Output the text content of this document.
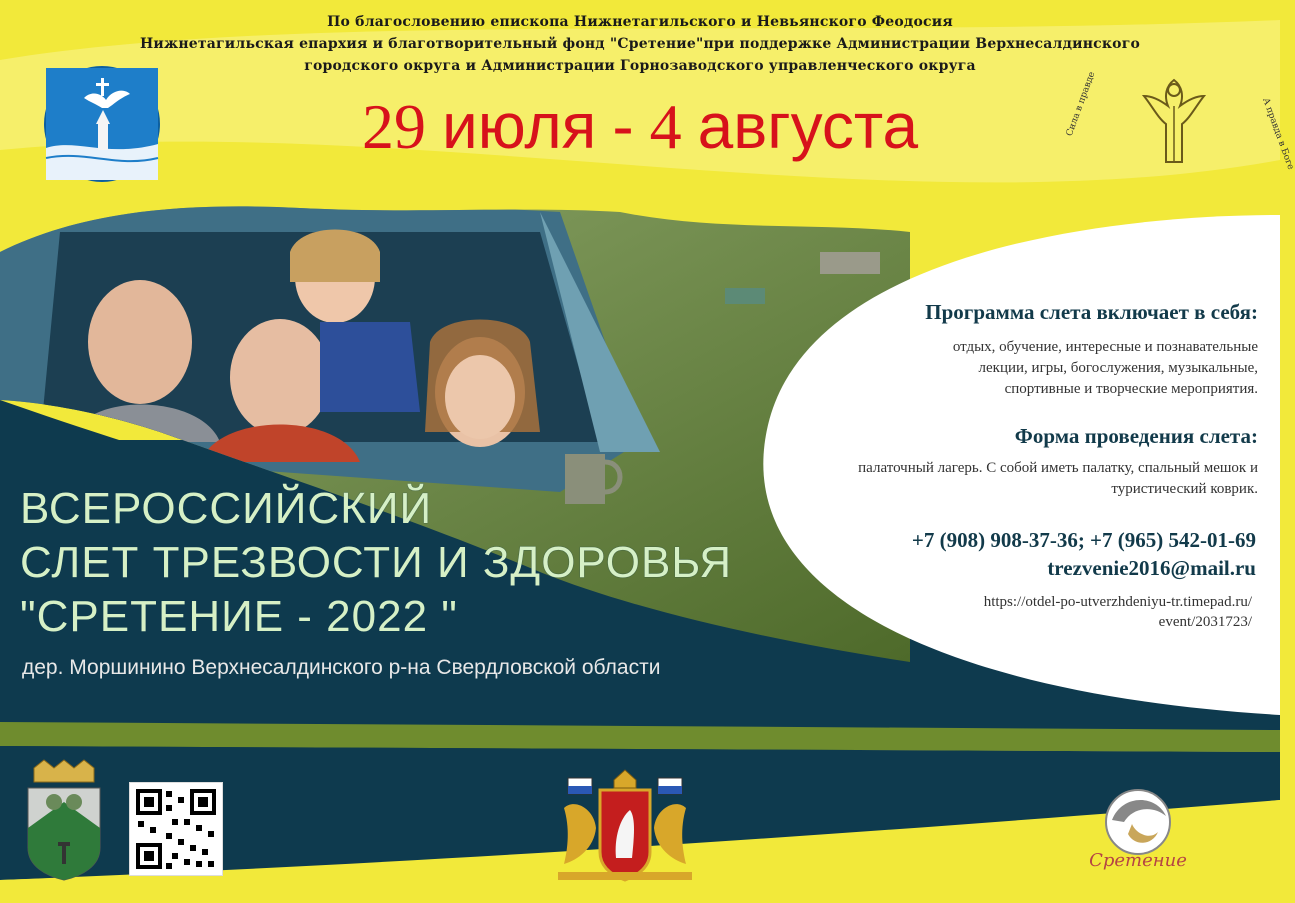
По благословению епископа Нижнетагильского и Невьянского Феодосия
Нижнетагильская епархия и благотворительный фонд "Сретение"при поддержке Администрации Верхнесалдинского
городского округа и Администрации Горнозаводского управленческого округа
29 июля - 4 августа	Сила в правде	А правда в Боге
ВСЕРОССИЙСКИЙ
СЛЕТ ТРЕЗВОСТИ И ЗДОРОВЬЯ
"СРЕТЕНИЕ - 2022 "
дер. Моршинино Верхнесалдинского р-на Свердловской области
Программа слета включает в себя:
отдых, обучение, интересные и познавательные
лекции, игры, богослужения, музыкальные,
спортивные и творческие мероприятия.
Форма проведения слета:
палаточный лагерь. С собой иметь палатку, спальный мешок и
туристический коврик.
+7 (908) 908-37-36; +7 (965) 542-01-69
trezvenie2016@mail.ru
https://otdel-po-utverzhdeniyu-tr.timepad.ru/
event/2031723/
Сретение
